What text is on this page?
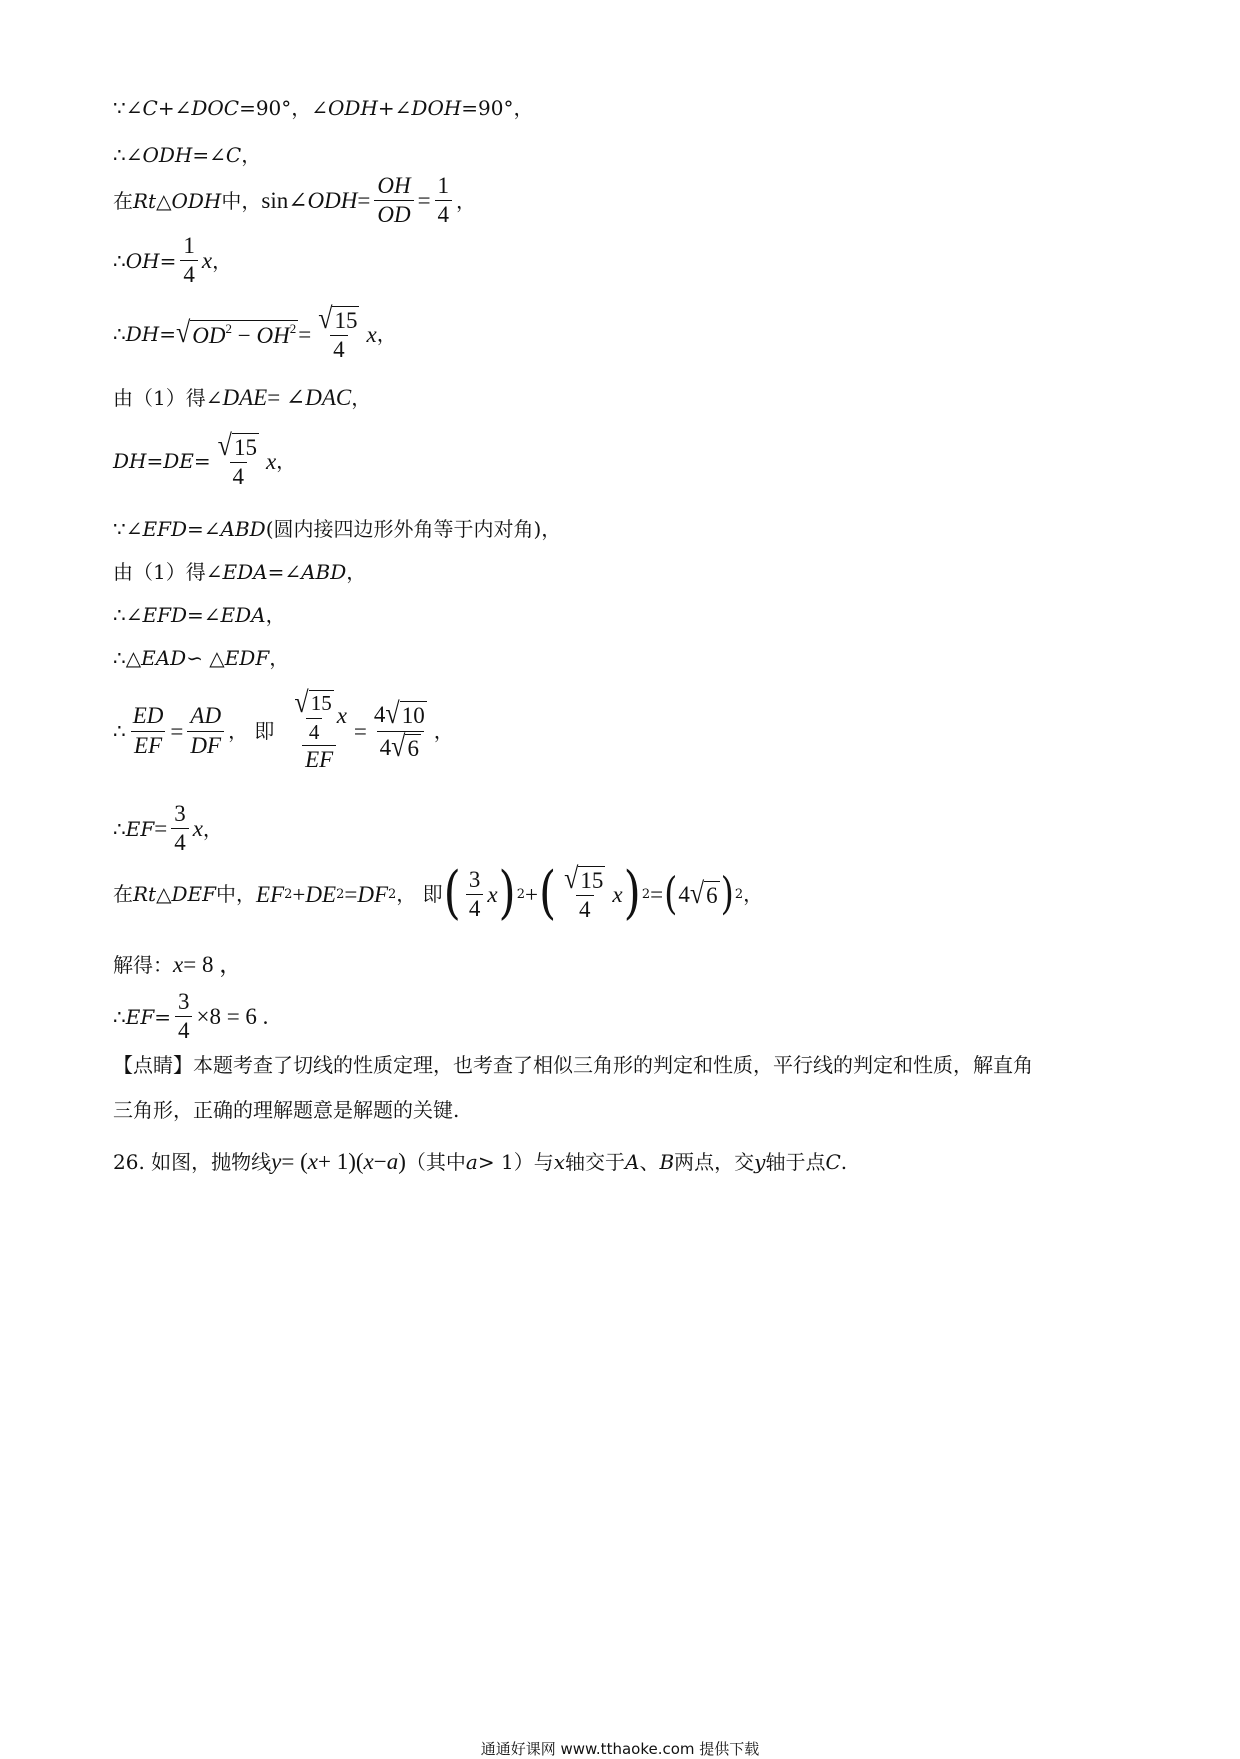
∵ ∠ C +∠ DOC =90°，∠ ODH +∠ DOH =90°，
∴∠ ODH =∠ C ，
在 Rt △ ODH 中， sin∠ ODH = $\frac{OH}{OD} = \frac{1}{4}$ ，
∴ OH = $\frac{1}{4}$ x ，
∴ DH = √ $OD^2 - OH^2 = \frac{√ 15}{4}$ x ，
由（1）得∠ DAE = ∠ DAC ，
DH = DE = $\frac{√ 15}{4}$ x ，
∵∠ EFD =∠ ABD (圆内接四边形外角等于内对角)，
由（1）得∠ EDA =∠ ABD ，
∴∠ EFD =∠ EDA ，
∴△ EAD ∽ △ EDF ，
∴ $\frac{ED}{EF} = \frac{AD}{DF}$ ， 即 $\frac{\frac{√ 15}{4} x}{EF} = \frac{4 √ 10}{4 √ 6}$ ，
∴ EF = $\frac{3}{4}$ x ，
在 Rt △ DEF 中， EF 2 + DE 2 = DF 2 ， 即 ( $\frac{3}{4}$ x ) 2 + ( $\frac{√ 15}{4}$ x ) 2 = ( 4 √ 6 ) 2 ，
解得： x = 8 ，
∴ EF = $\frac{3}{4} \times 8 = 6$ .
【点睛】本题考查了切线的性质定理，也考查了相似三角形的判定和性质，平行线的判定和性质，解直角
三角形，正确的理解题意是解题的关键.
26. 如图，抛物线 y = ( x + 1)( x − a ) （其中 a > 1）与 x 轴交于 A 、 B 两点，交 y 轴于点 C .
通通好课网 www.tthaoke.com 提供下载
